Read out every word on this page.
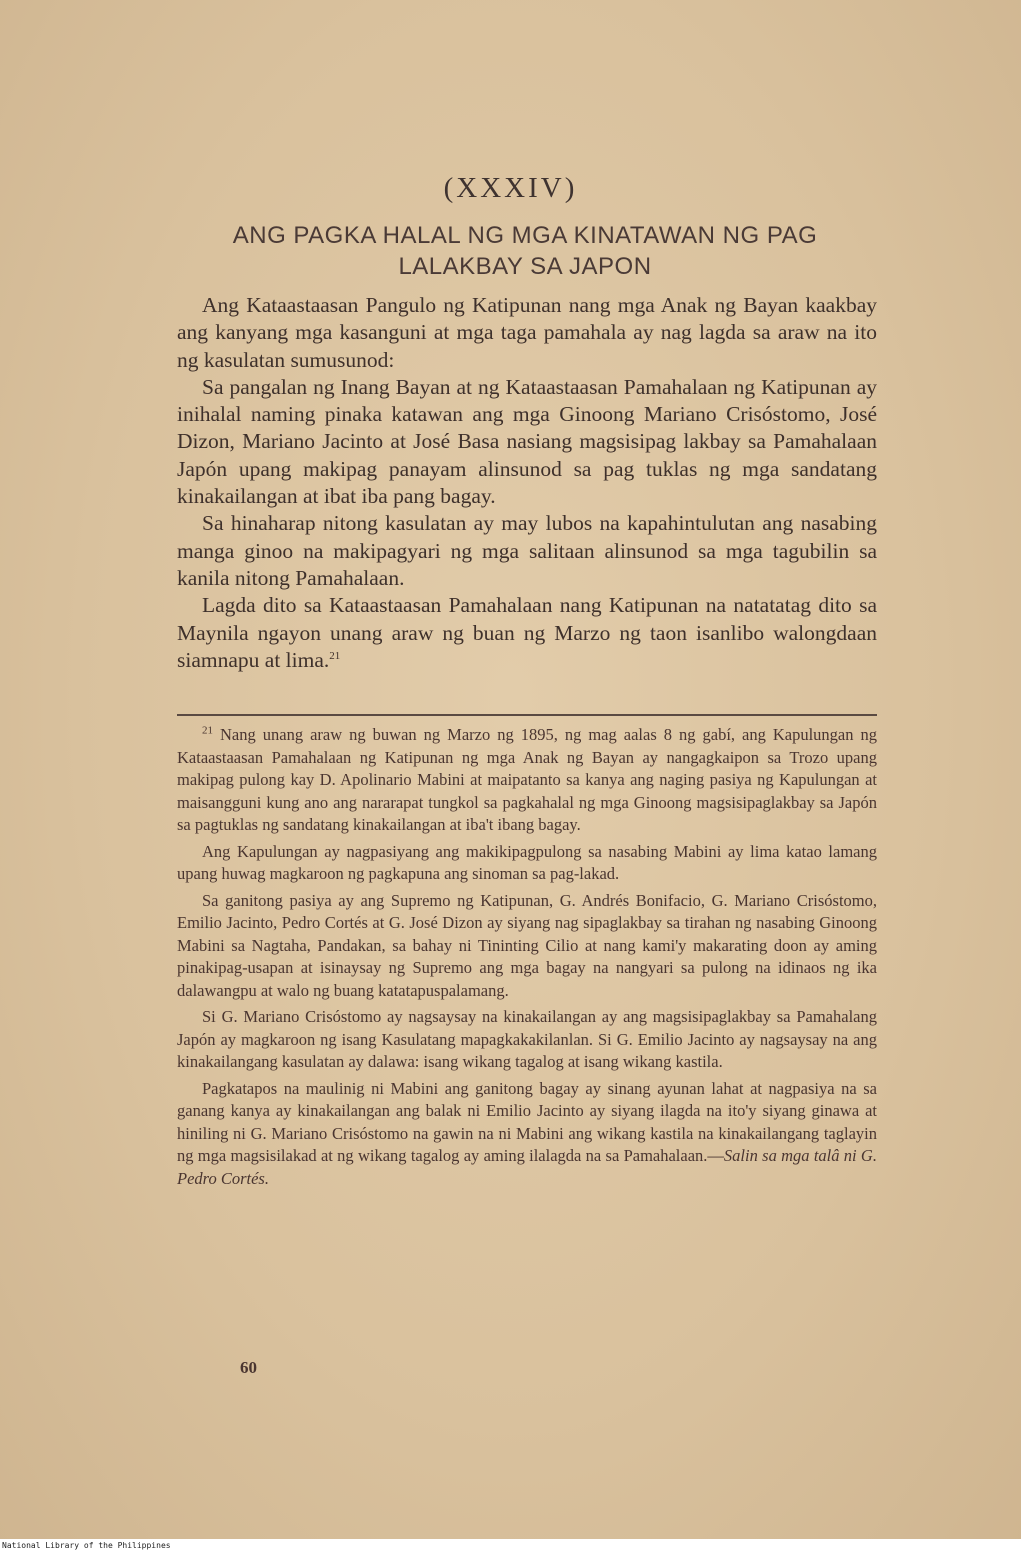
(XXXIV)
ANG PAGKA HALAL NG MGA KINATAWAN NG PAG
LALAKBAY SA JAPON

Ang Kataastaasan Pangulo ng Katipunan nang mga Anak ng Bayan kaakbay ang kanyang mga kasanguni at mga taga pamahala ay nag lagda sa araw na ito ng kasulatan sumusunod:

Sa pangalan ng Inang Bayan at ng Kataastaasan Pamahalaan ng Katipunan ay inihalal naming pinaka katawan ang mga Ginoong Mariano Crisóstomo, José Dizon, Mariano Jacinto at José Basa nasiang magsisipag lakbay sa Pamahalaan Japón upang makipag panayam alinsunod sa pag tuklas ng mga sandatang kinakailangan at ibat iba pang bagay.

Sa hinaharap nitong kasulatan ay may lubos na kapahintulutan ang nasabing manga ginoo na makipagyari ng mga salitaan alinsunod sa mga tagubilin sa kanila nitong Pamahalaan.

Lagda dito sa Kataastaasan Pamahalaan nang Katipunan na natatatag dito sa Maynila ngayon unang araw ng buan ng Marzo ng taon isanlibo walongdaan siamnapu at lima.$^{21}$

$^{21}$ Nang unang araw ng buwan ng Marzo ng 1895, ng mag aalas 8 ng gabí, ang Kapulungan ng Kataastaasan Pamahalaan ng Katipunan ng mga Anak ng Bayan ay nangagkaipon sa Trozo upang makipag pulong kay D. Apolinario Mabini at maipatanto sa kanya ang naging pasiya ng Kapulungan at maisangguni kung ano ang nararapat tungkol sa pagkahalal ng mga Ginoong magsisipaglakbay sa Japón sa pagtuklas ng sandatang kinakailangan at iba't ibang bagay.

Ang Kapulungan ay nagpasiyang ang makikipagpulong sa nasabing Mabini ay lima katao lamang upang huwag magkaroon ng pagkapuna ang sinoman sa pag-lakad.

Sa ganitong pasiya ay ang Supremo ng Katipunan, G. Andrés Bonifacio, G. Mariano Crisóstomo, Emilio Jacinto, Pedro Cortés at G. José Dizon ay siyang nag sipaglakbay sa tirahan ng nasabing Ginoong Mabini sa Nagtaha, Pandakan, sa bahay ni Tininting Cilio at nang kami'y makarating doon ay aming pinakipag-usapan at isinaysay ng Supremo ang mga bagay na nangyari sa pulong na idinaos ng ika dalawangpu at walo ng buang katatapuspalamang.

Si G. Mariano Crisóstomo ay nagsaysay na kinakailangan ay ang magsisipaglakbay sa Pamahalang Japón ay magkaroon ng isang Kasulatang mapagkakakilanlan. Si G. Emilio Jacinto ay nagsaysay na ang kinakailangang kasulatan ay dalawa: isang wikang tagalog at isang wikang kastila.

Pagkatapos na maulinig ni Mabini ang ganitong bagay ay sinang ayunan lahat at nagpasiya na sa ganang kanya ay kinakailangan ang balak ni Emilio Jacinto ay siyang ilagda na ito'y siyang ginawa at hiniling ni G. Mariano Crisóstomo na gawin na ni Mabini ang wikang kastila na kinakailangang taglayin ng mga magsisilakad at ng wikang tagalog ay aming ilalagda na sa Pamahalaan.—Salin sa mga talâ ni G. Pedro Cortés.

60
National Library of the Philippines
